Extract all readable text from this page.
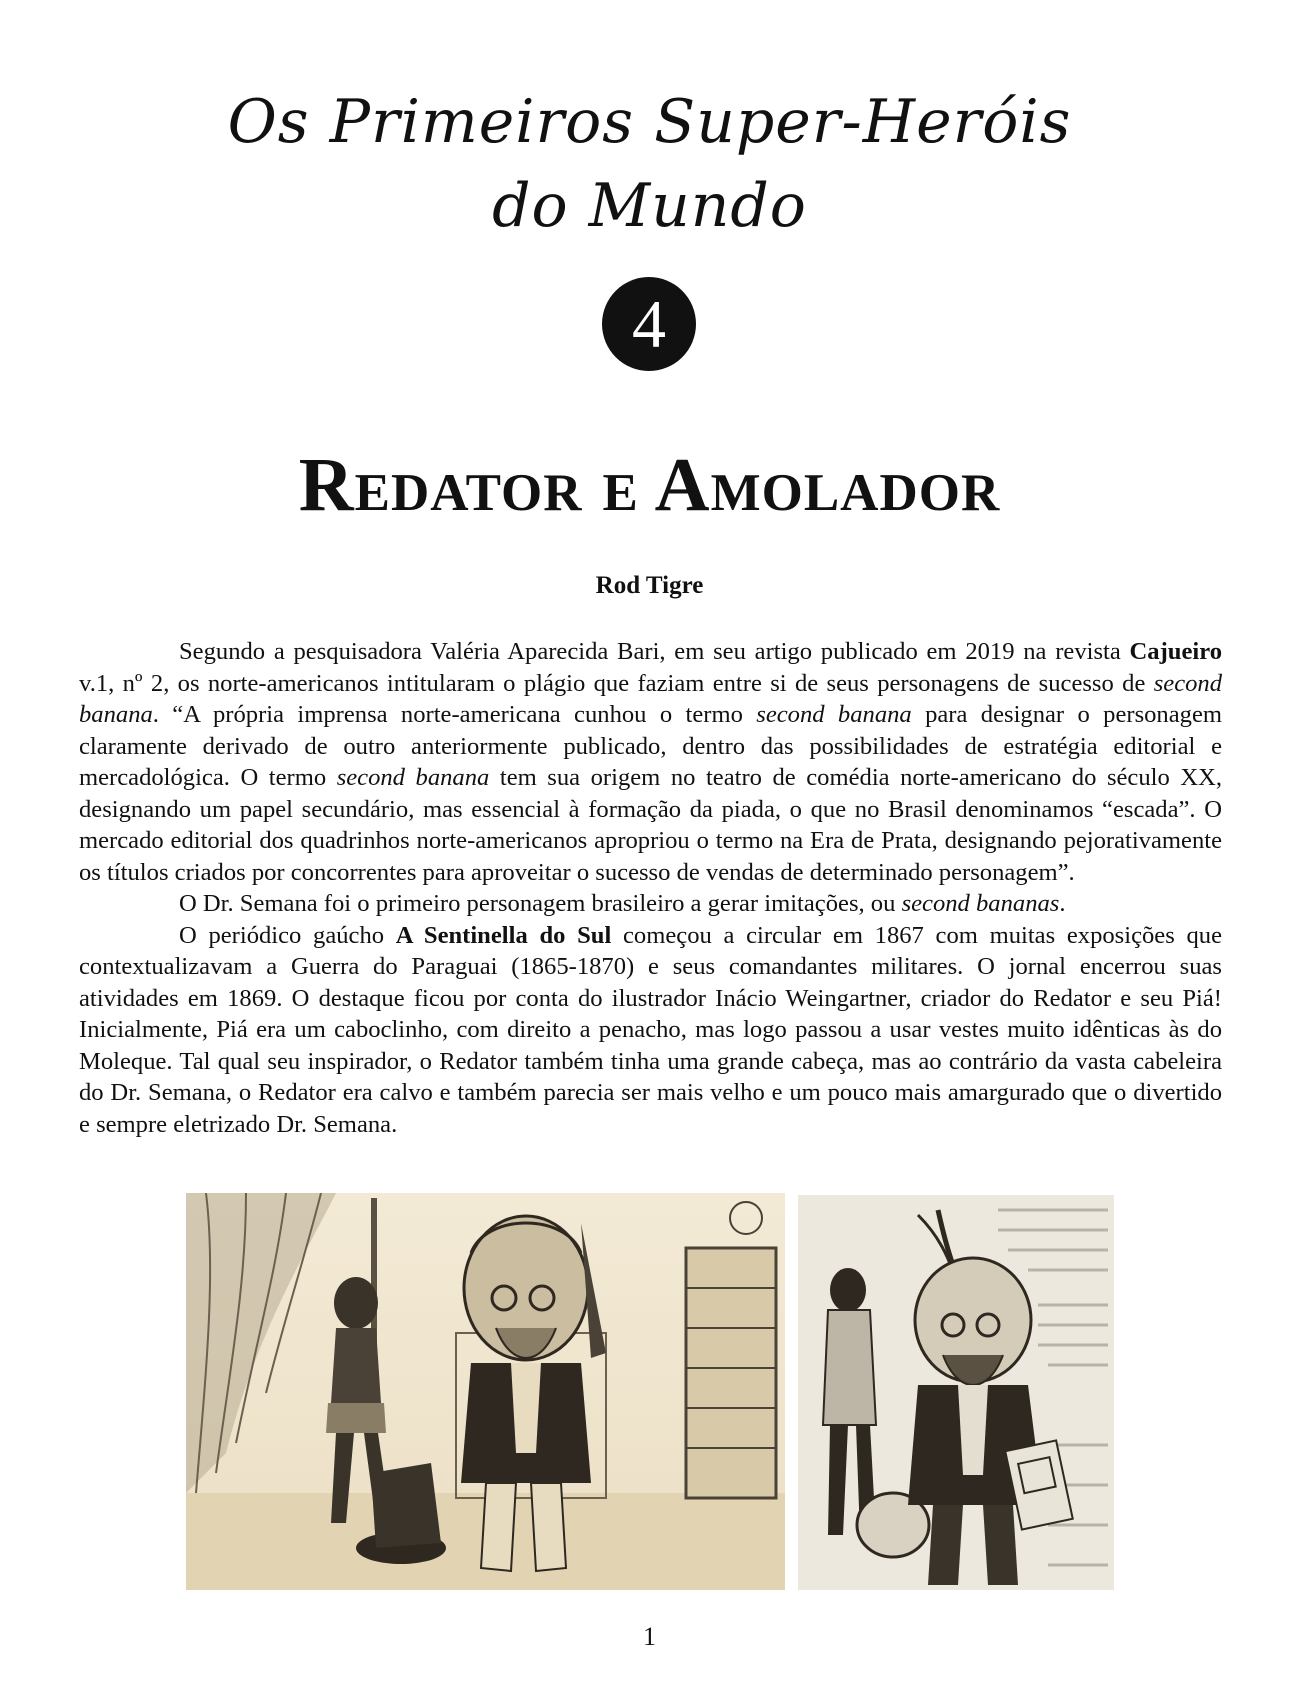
Os Primeiros Super-Heróis
do Mundo
4
Redator e Amolador
Rod Tigre

Segundo a pesquisadora Valéria Aparecida Bari, em seu artigo publicado em 2019 na revista Cajueiro v.1, nº 2, os norte-americanos intitularam o plágio que faziam entre si de seus personagens de sucesso de second banana. “A própria imprensa norte-americana cunhou o termo second banana para designar o personagem claramente derivado de outro anteriormente publicado, dentro das possibilidades de estratégia editorial e mercadológica. O termo second banana tem sua origem no teatro de comédia norte-americano do século XX, designando um papel secundário, mas essencial à formação da piada, o que no Brasil denominamos “escada”. O mercado editorial dos quadrinhos norte-americanos apropriou o termo na Era de Prata, designando pejorativamente os títulos criados por concorrentes para aproveitar o sucesso de vendas de determinado personagem”.

O Dr. Semana foi o primeiro personagem brasileiro a gerar imitações, ou second bananas.

O periódico gaúcho A Sentinella do Sul começou a circular em 1867 com muitas exposições que contextualizavam a Guerra do Paraguai (1865-1870) e seus comandantes militares. O jornal encerrou suas atividades em 1869. O destaque ficou por conta do ilustrador Inácio Weingartner, criador do Redator e seu Piá! Inicialmente, Piá era um caboclinho, com direito a penacho, mas logo passou a usar vestes muito idênticas às do Moleque. Tal qual seu inspirador, o Redator também tinha uma grande cabeça, mas ao contrário da vasta cabeleira do Dr. Semana, o Redator era calvo e também parecia ser mais velho e um pouco mais amargurado que o divertido e sempre eletrizado Dr. Semana.

1
